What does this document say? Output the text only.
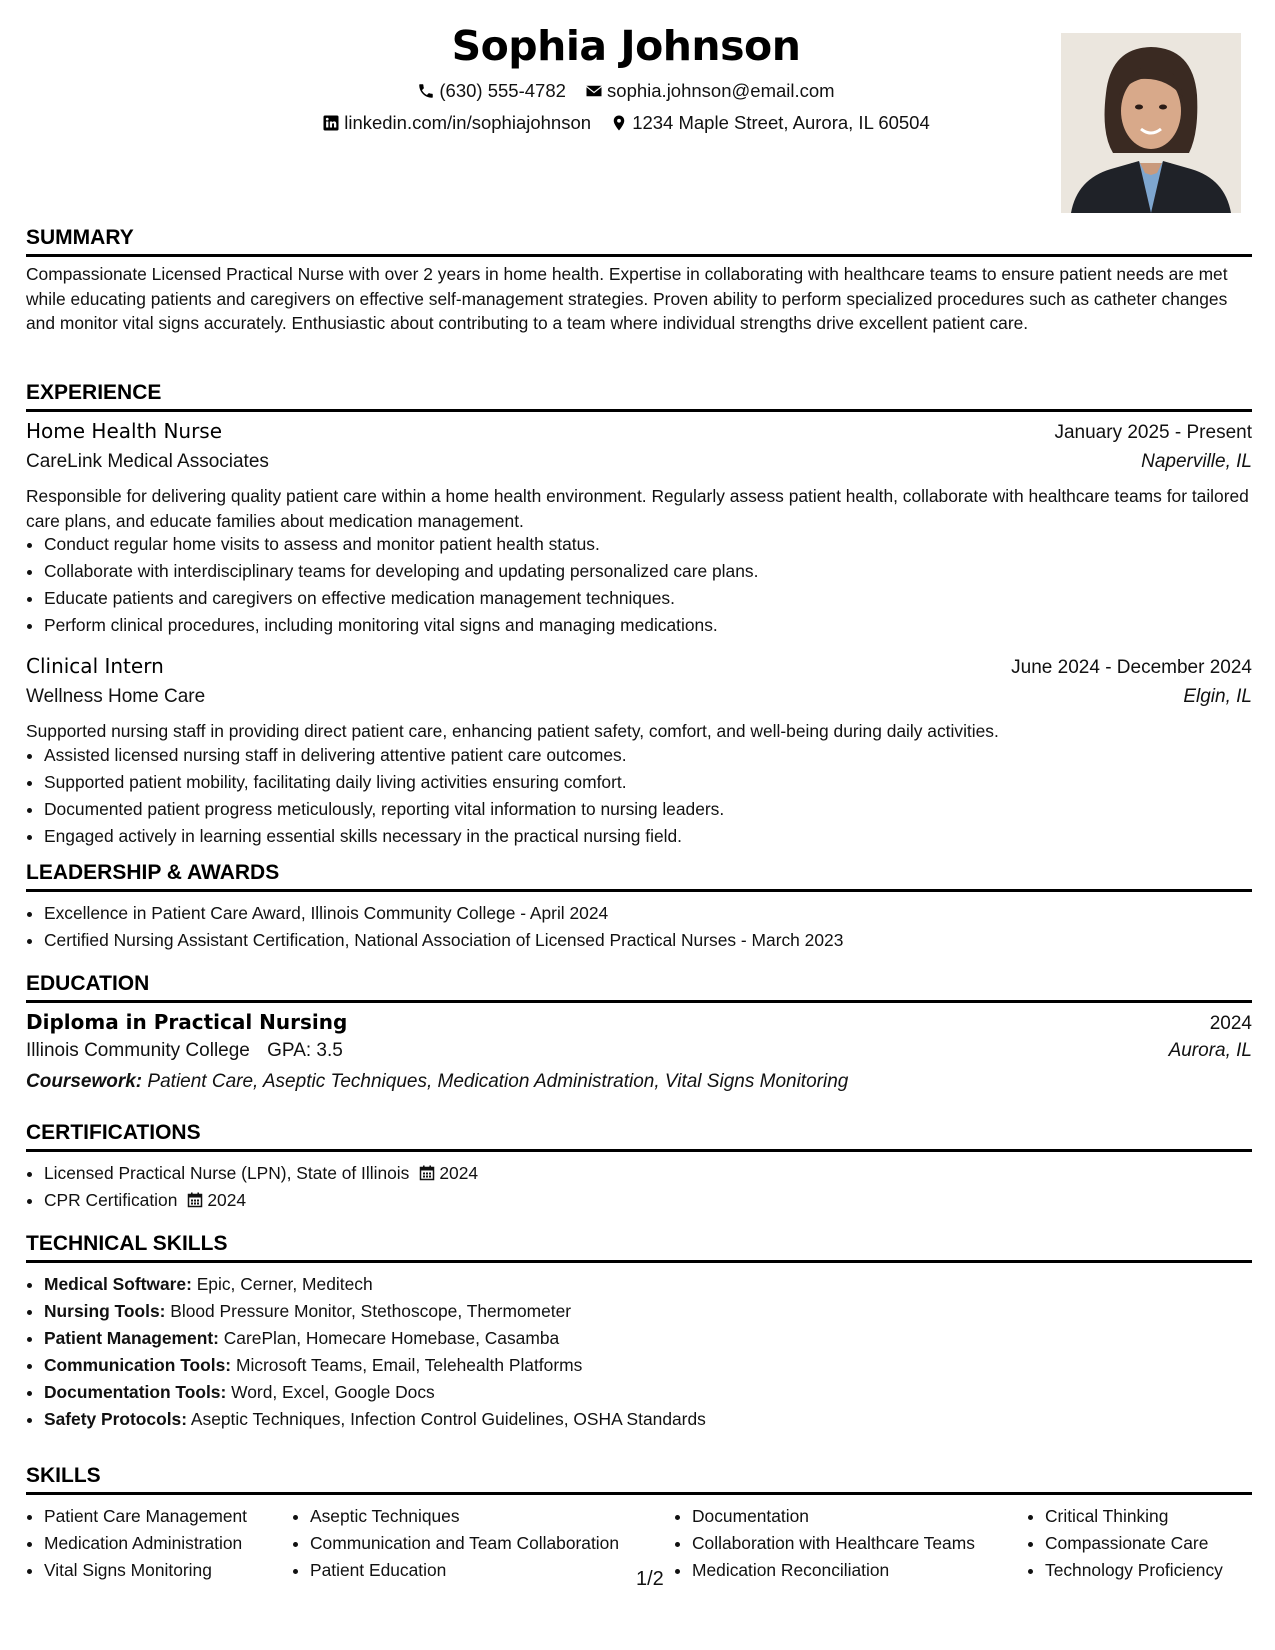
Sophia Johnson
(630) 555-4782
sophia.johnson@email.com
linkedin.com/in/sophiajohnson
1234 Maple Street, Aurora, IL 60504
SUMMARY
Compassionate Licensed Practical Nurse with over 2 years in home health. Expertise in collaborating with healthcare teams to ensure patient needs are met while educating patients and caregivers on effective self-management strategies. Proven ability to perform specialized procedures such as catheter changes and monitor vital signs accurately. Enthusiastic about contributing to a team where individual strengths drive excellent patient care.
EXPERIENCE
Home Health Nurse	January 2025 - Present
CareLink Medical Associates	Naperville, IL
Responsible for delivering quality patient care within a home health environment. Regularly assess patient health, collaborate with healthcare teams for tailored care plans, and educate families about medication management.
• Conduct regular home visits to assess and monitor patient health status.
• Collaborate with interdisciplinary teams for developing and updating personalized care plans.
• Educate patients and caregivers on effective medication management techniques.
• Perform clinical procedures, including monitoring vital signs and managing medications.
Clinical Intern	June 2024 - December 2024
Wellness Home Care	Elgin, IL
Supported nursing staff in providing direct patient care, enhancing patient safety, comfort, and well-being during daily activities.
• Assisted licensed nursing staff in delivering attentive patient care outcomes.
• Supported patient mobility, facilitating daily living activities ensuring comfort.
• Documented patient progress meticulously, reporting vital information to nursing leaders.
• Engaged actively in learning essential skills necessary in the practical nursing field.
LEADERSHIP & AWARDS
• Excellence in Patient Care Award, Illinois Community College - April 2024
• Certified Nursing Assistant Certification, National Association of Licensed Practical Nurses - March 2023
EDUCATION
Diploma in Practical Nursing	2024
Illinois Community College GPA: 3.5	Aurora, IL
Coursework: Patient Care, Aseptic Techniques, Medication Administration, Vital Signs Monitoring
CERTIFICATIONS
• Licensed Practical Nurse (LPN), State of Illinois 2024
• CPR Certification 2024
TECHNICAL SKILLS
• Medical Software: Epic, Cerner, Meditech
• Nursing Tools: Blood Pressure Monitor, Stethoscope, Thermometer
• Patient Management: CarePlan, Homecare Homebase, Casamba
• Communication Tools: Microsoft Teams, Email, Telehealth Platforms
• Documentation Tools: Word, Excel, Google Docs
• Safety Protocols: Aseptic Techniques, Infection Control Guidelines, OSHA Standards
SKILLS
• Patient Care Management
• Medication Administration
• Vital Signs Monitoring
• Aseptic Techniques
• Communication and Team Collaboration
• Patient Education
• Documentation
• Collaboration with Healthcare Teams
• Medication Reconciliation
• Critical Thinking
• Compassionate Care
• Technology Proficiency
1/2
